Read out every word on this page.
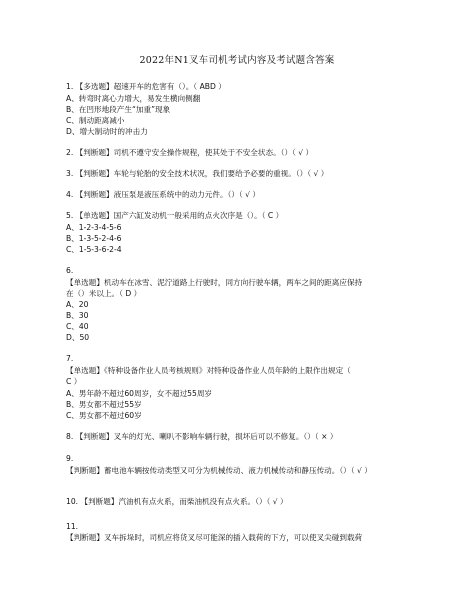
2022年N1叉车司机考试内容及考试题含答案
1. 【多选题】超速开车的危害有（）。（ ABD ）
A、转弯时离心力增大，易发生横向侧翻
B、在凹形地段产生“加重”现象
C、制动距离减小
D、增大制动时的冲击力
2. 【判断题】司机不遵守安全操作规程，使其处于不安全状态。（）（ √ ）
3. 【判断题】车轮与轮胎的安全技术状况，我们要给予必要的重视。（）（ √ ）
4. 【判断题】液压泵是液压系统中的动力元件。（）（ √ ）
5. 【单选题】国产六缸发动机一般采用的点火次序是（）。（ C ）
A、1-2-3-4-5-6
B、1-3-5-2-4-6
C、1-5-3-6-2-4
6.
【单选题】机动车在冰雪、泥泞道路上行驶时，同方向行驶车辆，两车之间的距离应保持
在（）米以上。（ D ）
A、20
B、30
C、40
D、50
7.
【单选题】《特种设备作业人员考核规则》对特种设备作业人员年龄的上限作出规定（
C ）
A、男年龄不超过60周岁，女不超过55周岁
B、男女都不超过55岁
C、男女都不超过60岁
8. 【判断题】叉车的灯光、喇叭不影响车辆行驶，损坏后可以不修复。（）（ × ）
9.
【判断题】蓄电池车辆按传动类型又可分为机械传动、液力机械传动和静压传动。（）（ √ ）
10. 【判断题】汽油机有点火系，而柴油机没有点火系。（）（ √ ）
11.
【判断题】叉车拆垛时，司机应将货叉尽可能深的插入载荷的下方，可以使叉尖碰到载荷
